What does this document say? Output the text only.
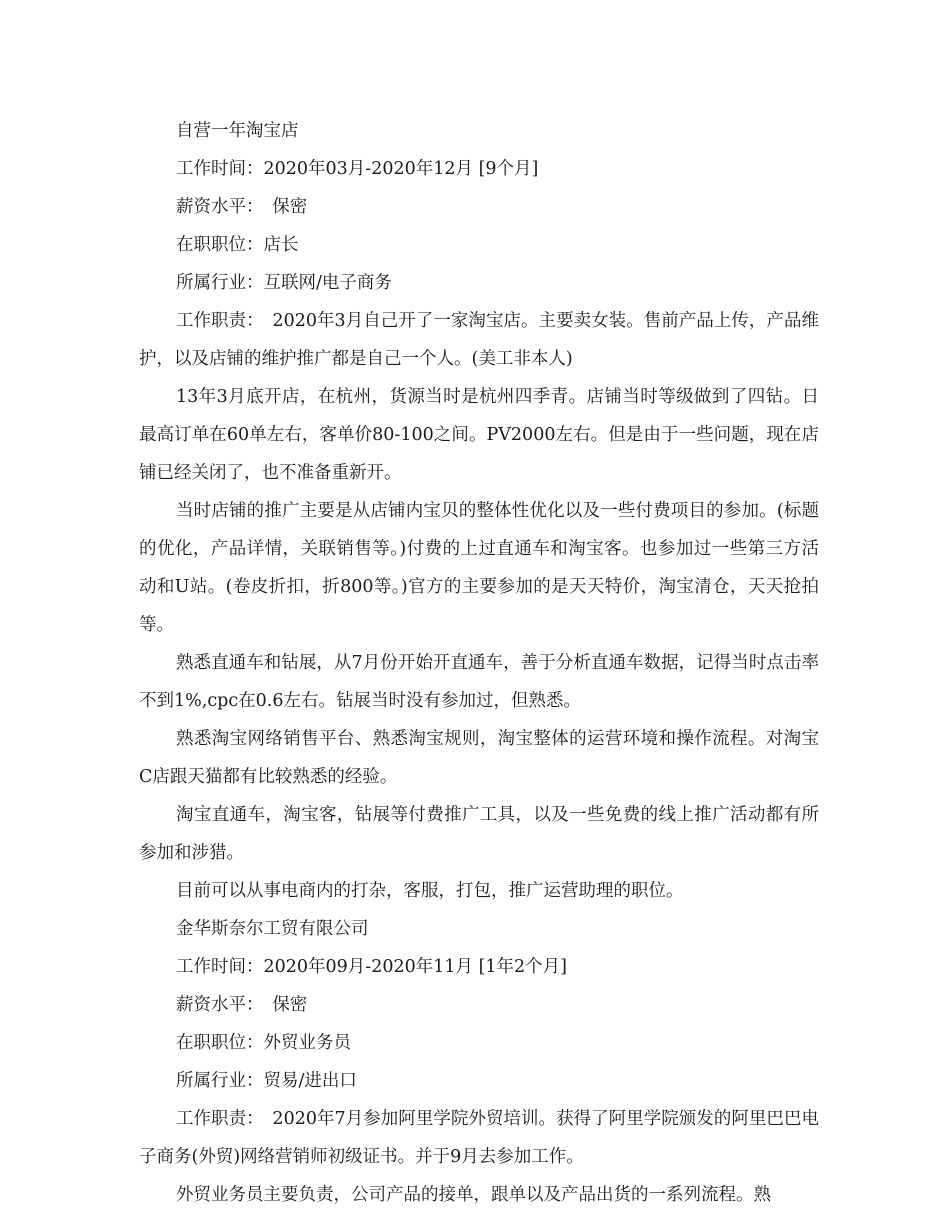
自营一年淘宝店

工作时间：2020年03月-2020年12月 [9个月]

薪资水平：　保密

在职职位：店长

所属行业：互联网/电子商务

工作职责：　2020年3月自己开了一家淘宝店。主要卖女装。售前产品上传，产品维护，以及店铺的维护推广都是自己一个人。(美工非本人)

13年3月底开店，在杭州，货源当时是杭州四季青。店铺当时等级做到了四钻。日最高订单在60单左右，客单价80-100之间。PV2000左右。但是由于一些问题，现在店铺已经关闭了，也不准备重新开。

当时店铺的推广主要是从店铺内宝贝的整体性优化以及一些付费项目的参加。(标题的优化，产品详情，关联销售等。)付费的上过直通车和淘宝客。也参加过一些第三方活动和U站。(卷皮折扣，折800等。)官方的主要参加的是天天特价，淘宝清仓，天天抢拍等。

熟悉直通车和钻展，从7月份开始开直通车，善于分析直通车数据，记得当时点击率不到1%,cpc在0.6左右。钻展当时没有参加过，但熟悉。

熟悉淘宝网络销售平台、熟悉淘宝规则，淘宝整体的运营环境和操作流程。对淘宝C店跟天猫都有比较熟悉的经验。

淘宝直通车，淘宝客，钻展等付费推广工具，以及一些免费的线上推广活动都有所参加和涉猎。

目前可以从事电商内的打杂，客服，打包，推广运营助理的职位。

金华斯奈尔工贸有限公司

工作时间：2020年09月-2020年11月 [1年2个月]

薪资水平：　保密

在职职位：外贸业务员

所属行业：贸易/进出口

工作职责：　2020年7月参加阿里学院外贸培训。获得了阿里学院颁发的阿里巴巴电子商务(外贸)网络营销师初级证书。并于9月去参加工作。

外贸业务员主要负责，公司产品的接单，跟单以及产品出货的一系列流程。熟
